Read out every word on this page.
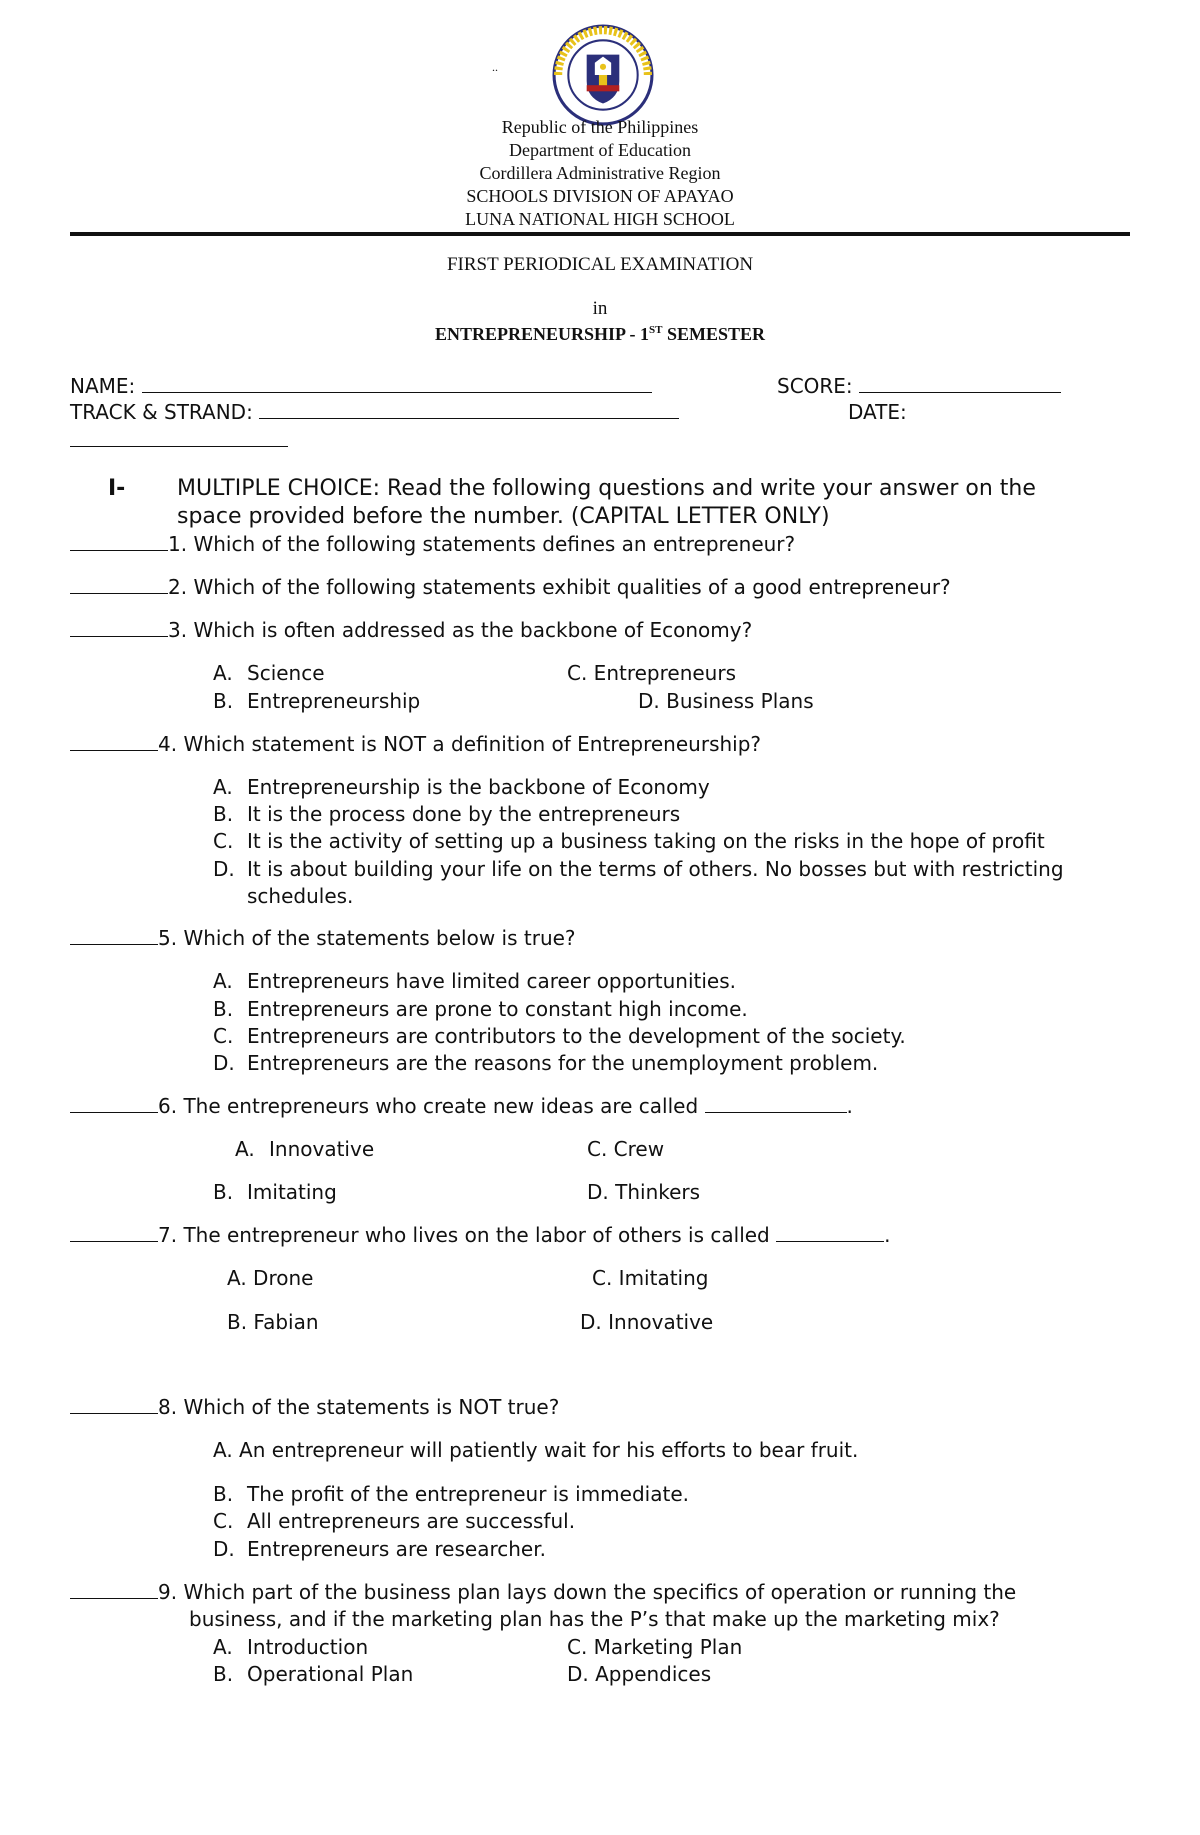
..
Republic of the Philippines
Department of Education
Cordillera Administrative Region
SCHOOLS DIVISION OF APAYAO
LUNA NATIONAL HIGH SCHOOL
FIRST PERIODICAL EXAMINATION
in
ENTREPRENEURSHIP - 1ST SEMESTER
NAME:	SCORE:
TRACK & STRAND:	DATE:
I- MULTIPLE CHOICE: Read the following questions and write your answer on the
space provided before the number. (CAPITAL LETTER ONLY)
1. Which of the following statements defines an entrepreneur?
2. Which of the following statements exhibit qualities of a good entrepreneur?
3. Which is often addressed as the backbone of Economy?
A. Science	C. Entrepreneurs
B. Entrepreneurship	D. Business Plans
4. Which statement is NOT a definition of Entrepreneurship?
A. Entrepreneurship is the backbone of Economy
B. It is the process done by the entrepreneurs
C. It is the activity of setting up a business taking on the risks in the hope of profit
D. It is about building your life on the terms of others. No bosses but with restricting
schedules.
5. Which of the statements below is true?
A. Entrepreneurs have limited career opportunities.
B. Entrepreneurs are prone to constant high income.
C. Entrepreneurs are contributors to the development of the society.
D. Entrepreneurs are the reasons for the unemployment problem.
6. The entrepreneurs who create new ideas are called	.
A. Innovative	C. Crew
B. Imitating	D. Thinkers
7. The entrepreneur who lives on the labor of others is called	.
A. Drone	C. Imitating
B. Fabian	D. Innovative
8. Which of the statements is NOT true?
A. An entrepreneur will patiently wait for his efforts to bear fruit.
B. The profit of the entrepreneur is immediate.
C. All entrepreneurs are successful.
D. Entrepreneurs are researcher.
9. Which part of the business plan lays down the specifics of operation or running the
business, and if the marketing plan has the P’s that make up the marketing mix?
A. Introduction	C. Marketing Plan
B. Operational Plan	D. Appendices
